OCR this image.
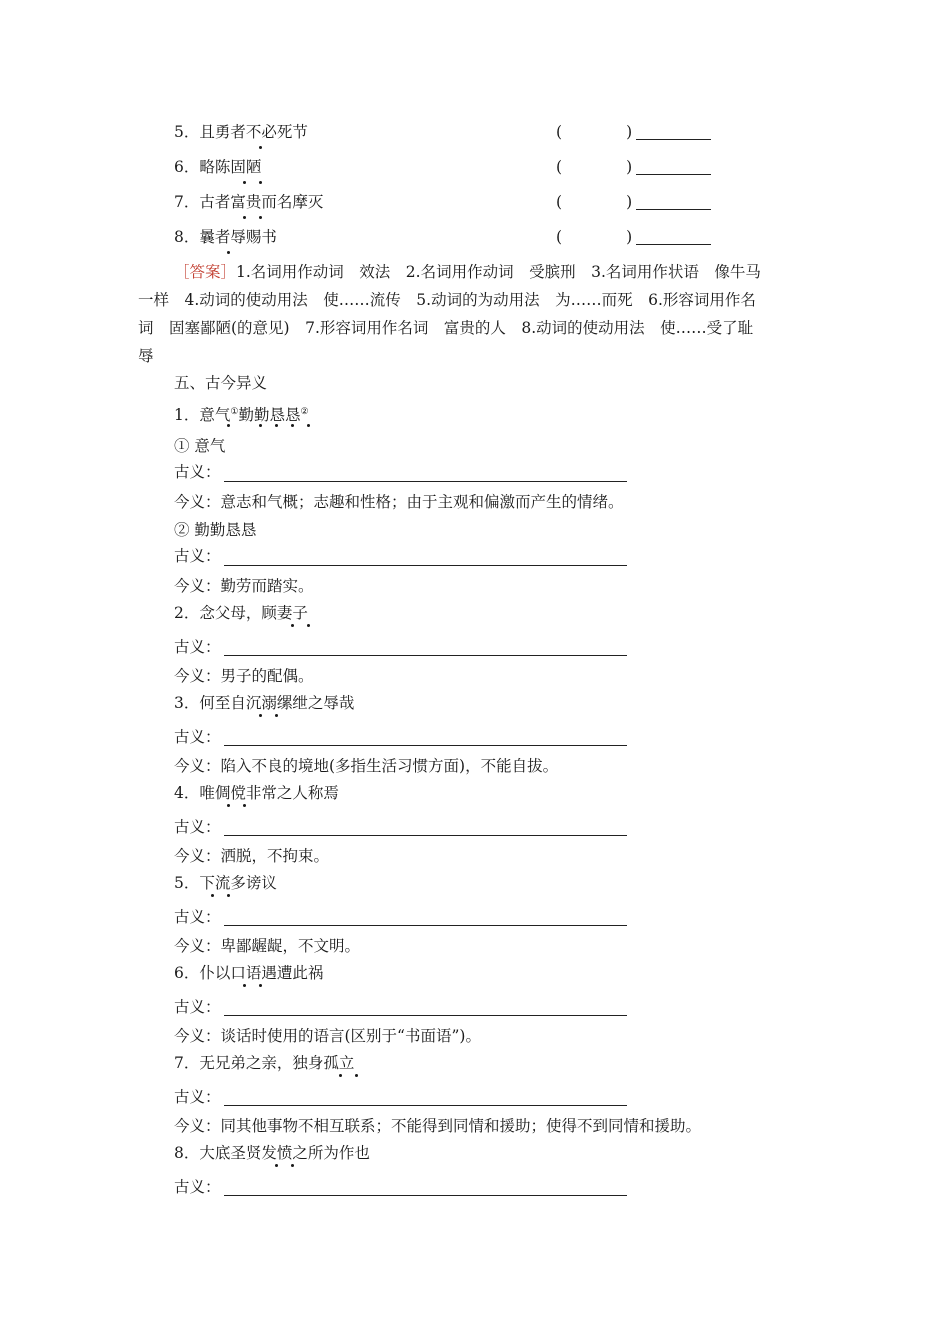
5．且勇者不必死节	(	)
6．略陈固陋	(	)
7．古者富贵而名摩灭	(	)
8．曩者辱赐书	(	)
［答案］1.名词用作动词　效法　2.名词用作动词　受膑刑　3.名词用作状语　像牛马
一样　4.动词的使动用法　使……流传　5.动词的为动用法　为……而死　6.形容词用作名
词　固塞鄙陋(的意见)　7.形容词用作名词　富贵的人　8.动词的使动用法　使……受了耻
辱
五、古今异义
1．意气①勤勤恳恳②
① 意气
古义：
今义：意志和气概；志趣和性格；由于主观和偏激而产生的情绪。
② 勤勤恳恳
古义：
今义：勤劳而踏实。
2．念父母，顾妻子
古义：
今义：男子的配偶。
3．何至自沉溺缧绁之辱哉
古义：
今义：陷入不良的境地(多指生活习惯方面)，不能自拔。
4．唯倜傥非常之人称焉
古义：
今义：洒脱，不拘束。
5．下流多谤议
古义：
今义：卑鄙龌龊，不文明。
6．仆以口语遇遭此祸
古义：
今义：谈话时使用的语言(区别于“书面语”)。
7．无兄弟之亲，独身孤立
古义：
今义：同其他事物不相互联系；不能得到同情和援助；使得不到同情和援助。
8．大底圣贤发愤之所为作也
古义：
